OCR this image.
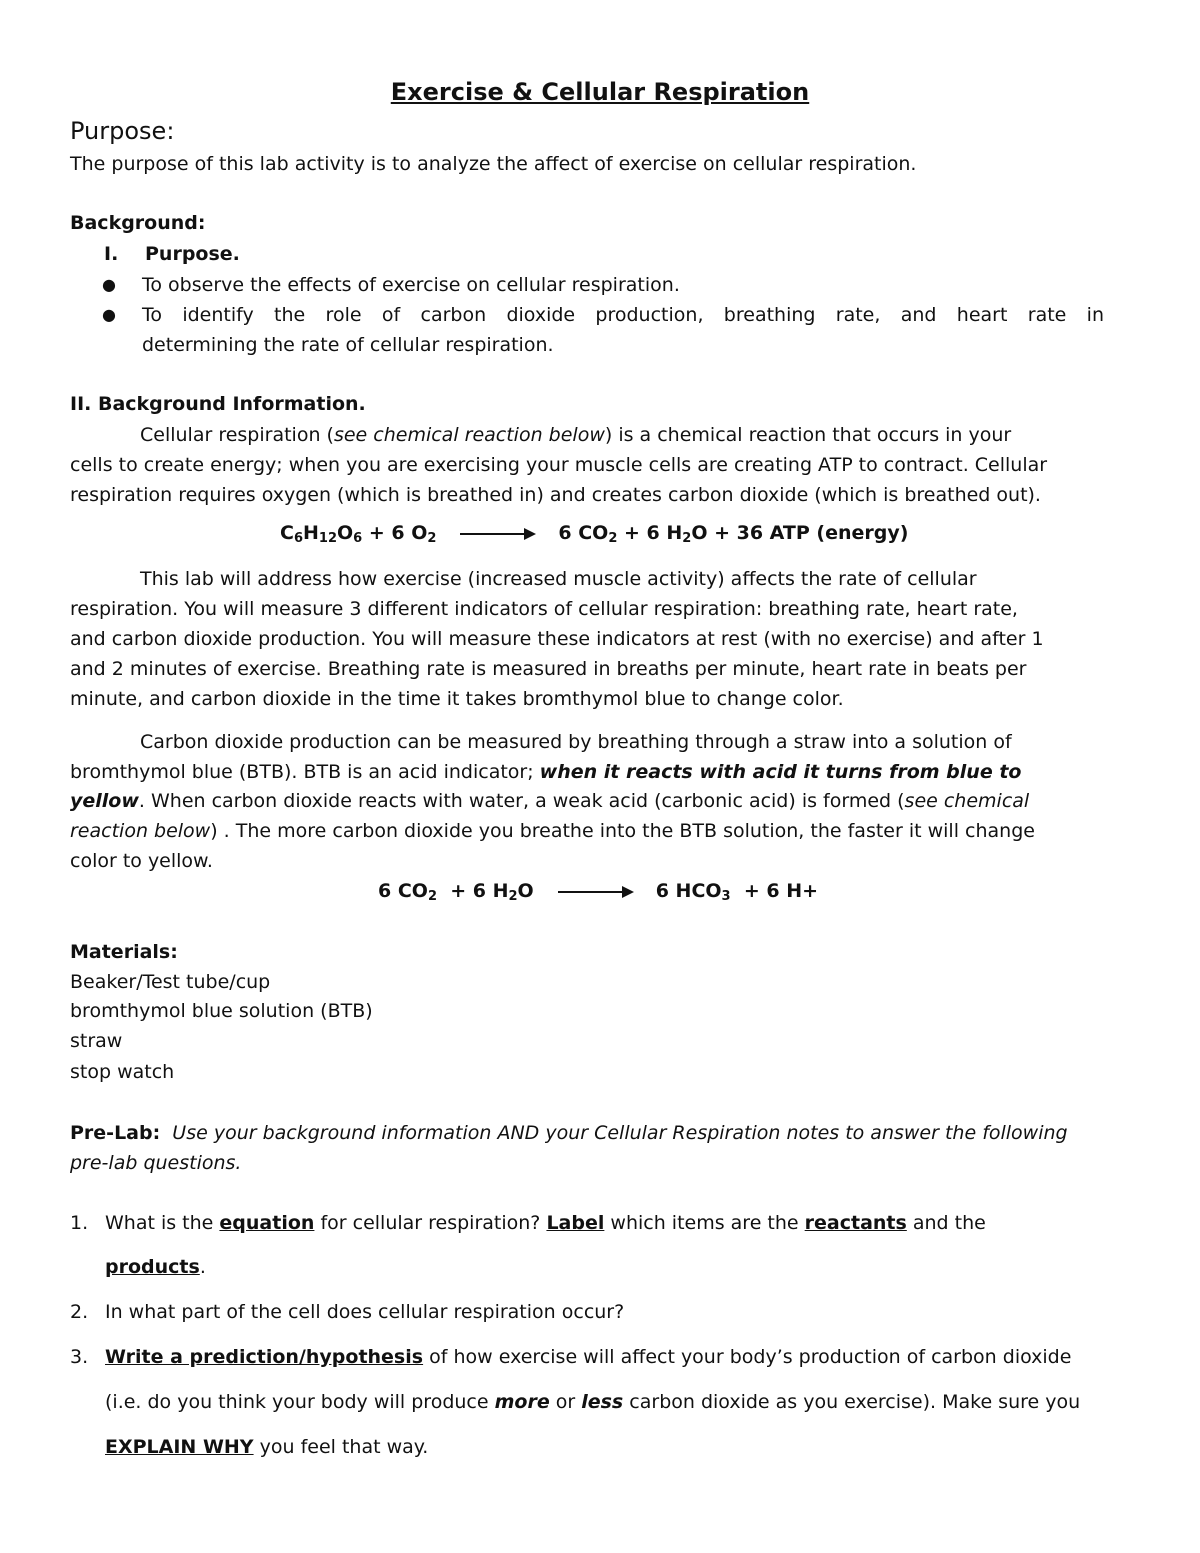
Exercise & Cellular Respiration
Purpose:
The purpose of this lab activity is to analyze the affect of exercise on cellular respiration.
Background:
I. Purpose.
● To observe the effects of exercise on cellular respiration.
● To identify the role of carbon dioxide production, breathing rate, and heart rate in
determining the rate of cellular respiration.
II. Background Information.
Cellular respiration (see chemical reaction below) is a chemical reaction that occurs in your
cells to create energy; when you are exercising your muscle cells are creating ATP to contract. Cellular
respiration requires oxygen (which is breathed in) and creates carbon dioxide (which is breathed out).
$C_6H_{12}O_6 + 6$ $O_2 \to 6$ $CO_2 + 6$ $H_2O + 36$ ATP (energy)
This lab will address how exercise (increased muscle activity) affects the rate of cellular
respiration. You will measure 3 different indicators of cellular respiration: breathing rate, heart rate,
and carbon dioxide production. You will measure these indicators at rest (with no exercise) and after 1
and 2 minutes of exercise. Breathing rate is measured in breaths per minute, heart rate in beats per
minute, and carbon dioxide in the time it takes bromthymol blue to change color.
Carbon dioxide production can be measured by breathing through a straw into a solution of
bromthymol blue (BTB). BTB is an acid indicator; when it reacts with acid it turns from blue to
yellow. When carbon dioxide reacts with water, a weak acid (carbonic acid) is formed (see chemical
reaction below) . The more carbon dioxide you breathe into the BTB solution, the faster it will change
color to yellow.
6 $CO_2 + 6$ $H_2O \to 6$ $HCO_3 + 6$ H+
Materials:
Beaker/Test tube/cup
bromthymol blue solution (BTB)
straw
stop watch
Pre-Lab: Use your background information AND your Cellular Respiration notes to answer the following
pre-lab questions.
1. What is the equation for cellular respiration? Label which items are the reactants and the
products.
2. In what part of the cell does cellular respiration occur?
3. Write a prediction/hypothesis of how exercise will affect your body’s production of carbon dioxide
(i.e. do you think your body will produce more or less carbon dioxide as you exercise). Make sure you
EXPLAIN WHY you feel that way.
